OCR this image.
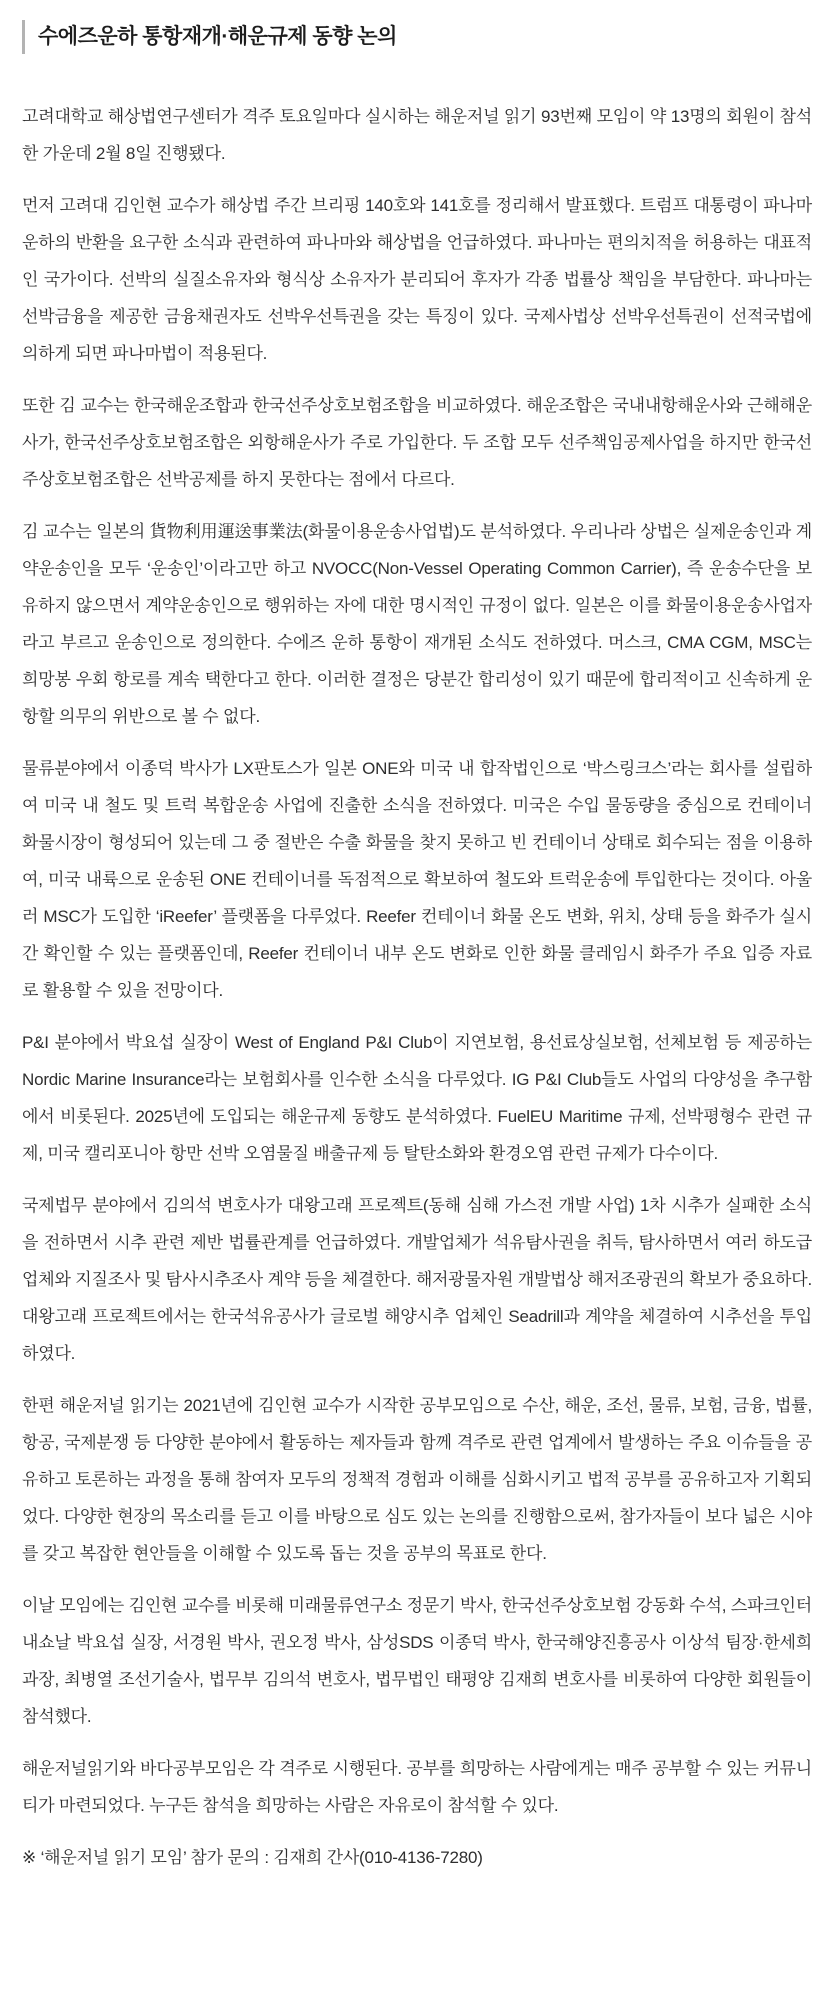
수에즈운하 통항재개·해운규제 동향 논의

고려대학교 해상법연구센터가 격주 토요일마다 실시하는 해운저널 읽기 93번째 모임이 약 13명의 회원이 참석한 가운데 2월 8일 진행됐다.

먼저 고려대 김인현 교수가 해상법 주간 브리핑 140호와 141호를 정리해서 발표했다. 트럼프 대통령이 파나마운하의 반환을 요구한 소식과 관련하여 파나마와 해상법을 언급하였다. 파나마는 편의치적을 허용하는 대표적인 국가이다. 선박의 실질소유자와 형식상 소유자가 분리되어 후자가 각종 법률상 책임을 부담한다. 파나마는 선박금융을 제공한 금융채권자도 선박우선특권을 갖는 특징이 있다. 국제사법상 선박우선특권이 선적국법에 의하게 되면 파나마법이 적용된다.

또한 김 교수는 한국해운조합과 한국선주상호보험조합을 비교하였다. 해운조합은 국내내항해운사와 근해해운사가, 한국선주상호보험조합은 외항해운사가 주로 가입한다. 두 조합 모두 선주책임공제사업을 하지만 한국선주상호보험조합은 선박공제를 하지 못한다는 점에서 다르다.

김 교수는 일본의 貨物利用運送事業法(화물이용운송사업법)도 분석하였다. 우리나라 상법은 실제운송인과 계약운송인을 모두 ‘운송인’이라고만 하고 NVOCC(Non-Vessel Operating Common Carrier), 즉 운송수단을 보유하지 않으면서 계약운송인으로 행위하는 자에 대한 명시적인 규정이 없다. 일본은 이를 화물이용운송사업자라고 부르고 운송인으로 정의한다. 수에즈 운하 통항이 재개된 소식도 전하였다. 머스크, CMA CGM, MSC는 희망봉 우회 항로를 계속 택한다고 한다. 이러한 결정은 당분간 합리성이 있기 때문에 합리적이고 신속하게 운항할 의무의 위반으로 볼 수 없다.

물류분야에서 이종덕 박사가 LX판토스가 일본 ONE와 미국 내 합작법인으로 ‘박스링크스’라는 회사를 설립하여 미국 내 철도 및 트럭 복합운송 사업에 진출한 소식을 전하였다. 미국은 수입 물동량을 중심으로 컨테이너 화물시장이 형성되어 있는데 그 중 절반은 수출 화물을 찾지 못하고 빈 컨테이너 상태로 회수되는 점을 이용하여, 미국 내륙으로 운송된 ONE 컨테이너를 독점적으로 확보하여 철도와 트럭운송에 투입한다는 것이다. 아울러 MSC가 도입한 ‘iReefer’ 플랫폼을 다루었다. Reefer 컨테이너 화물 온도 변화, 위치, 상태 등을 화주가 실시간 확인할 수 있는 플랫폼인데, Reefer 컨테이너 내부 온도 변화로 인한 화물 클레임시 화주가 주요 입증 자료로 활용할 수 있을 전망이다.

P&I 분야에서 박요섭 실장이 West of England P&I Club이 지연보험, 용선료상실보험, 선체보험 등 제공하는 Nordic Marine Insurance라는 보험회사를 인수한 소식을 다루었다. IG P&I Club들도 사업의 다양성을 추구함에서 비롯된다. 2025년에 도입되는 해운규제 동향도 분석하였다. FuelEU Maritime 규제, 선박평형수 관련 규제, 미국 캘리포니아 항만 선박 오염물질 배출규제 등 탈탄소화와 환경오염 관련 규제가 다수이다.

국제법무 분야에서 김의석 변호사가 대왕고래 프로젝트(동해 심해 가스전 개발 사업) 1차 시추가 실패한 소식을 전하면서 시추 관련 제반 법률관계를 언급하였다. 개발업체가 석유탐사권을 취득, 탐사하면서 여러 하도급업체와 지질조사 및 탐사시추조사 계약 등을 체결한다. 해저광물자원 개발법상 해저조광권의 확보가 중요하다. 대왕고래 프로젝트에서는 한국석유공사가 글로벌 해양시추 업체인 Seadrill과 계약을 체결하여 시추선을 투입하였다.

한편 해운저널 읽기는 2021년에 김인현 교수가 시작한 공부모임으로 수산, 해운, 조선, 물류, 보험, 금융, 법률, 항공, 국제분쟁 등 다양한 분야에서 활동하는 제자들과 함께 격주로 관련 업계에서 발생하는 주요 이슈들을 공유하고 토론하는 과정을 통해 참여자 모두의 정책적 경험과 이해를 심화시키고 법적 공부를 공유하고자 기획되었다. 다양한 현장의 목소리를 듣고 이를 바탕으로 심도 있는 논의를 진행함으로써, 참가자들이 보다 넓은 시야를 갖고 복잡한 현안들을 이해할 수 있도록 돕는 것을 공부의 목표로 한다.

이날 모임에는 김인현 교수를 비롯해 미래물류연구소 정문기 박사, 한국선주상호보험 강동화 수석, 스파크인터내쇼날 박요섭 실장, 서경원 박사, 권오정 박사, 삼성SDS 이종덕 박사, 한국해양진흥공사 이상석 팀장·한세희 과장, 최병열 조선기술사, 법무부 김의석 변호사, 법무법인 태평양 김재희 변호사를 비롯하여 다양한 회원들이 참석했다.

해운저널읽기와 바다공부모임은 각 격주로 시행된다. 공부를 희망하는 사람에게는 매주 공부할 수 있는 커뮤니티가 마련되었다. 누구든 참석을 희망하는 사람은 자유로이 참석할 수 있다.

※ ‘해운저널 읽기 모임’ 참가 문의 : 김재희 간사(010-4136-7280)
